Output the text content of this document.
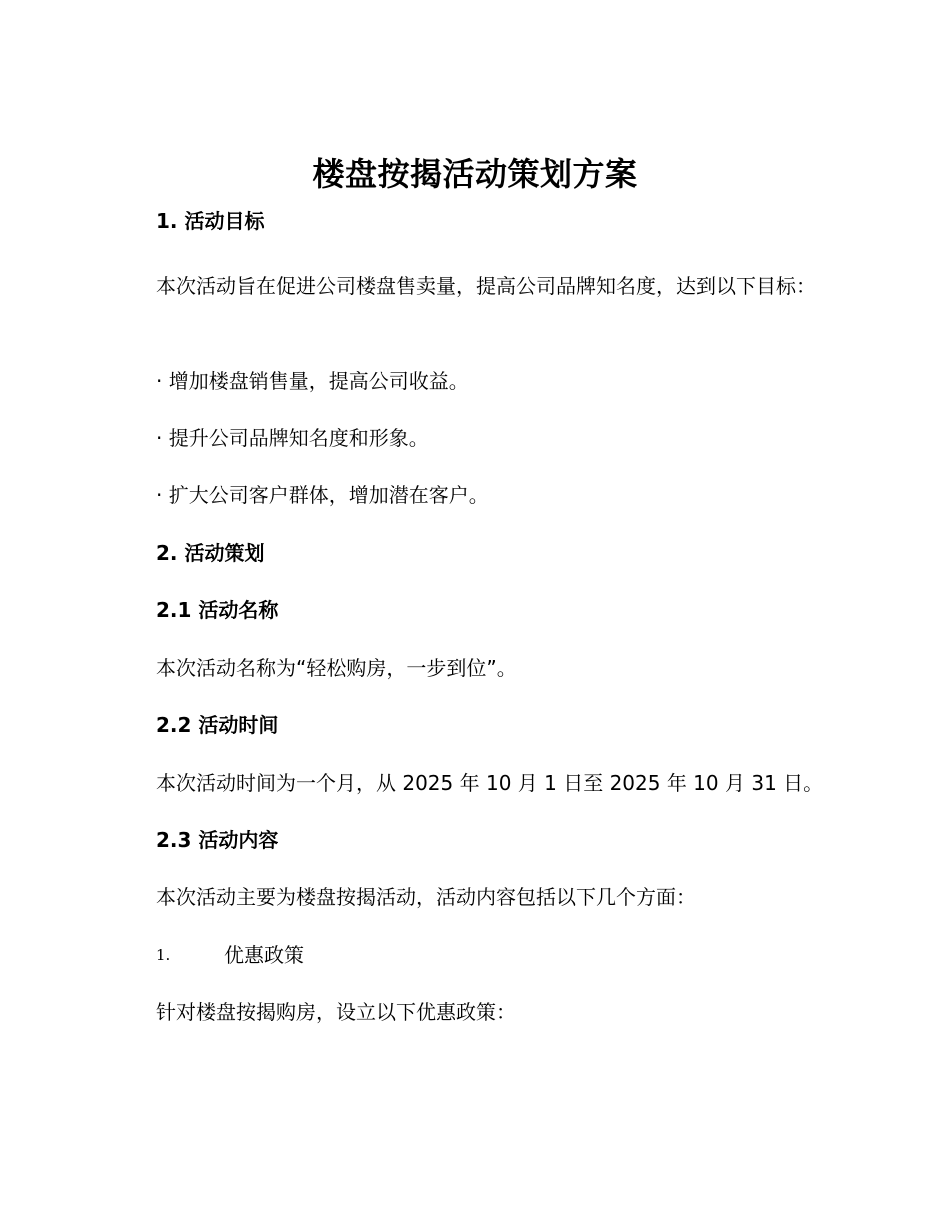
楼盘按揭活动策划方案
1. 活动目标
本次活动旨在促进公司楼盘售卖量，提高公司品牌知名度，达到以下目标：
· 增加楼盘销售量，提高公司收益。
· 提升公司品牌知名度和形象。
· 扩大公司客户群体，增加潜在客户。
2. 活动策划
2.1 活动名称
本次活动名称为“轻松购房，一步到位”。
2.2 活动时间
本次活动时间为一个月，从 2025 年 10 月 1 日至 2025 年 10 月 31 日。
2.3 活动内容
本次活动主要为楼盘按揭活动，活动内容包括以下几个方面：
1.	优惠政策
针对楼盘按揭购房，设立以下优惠政策：
